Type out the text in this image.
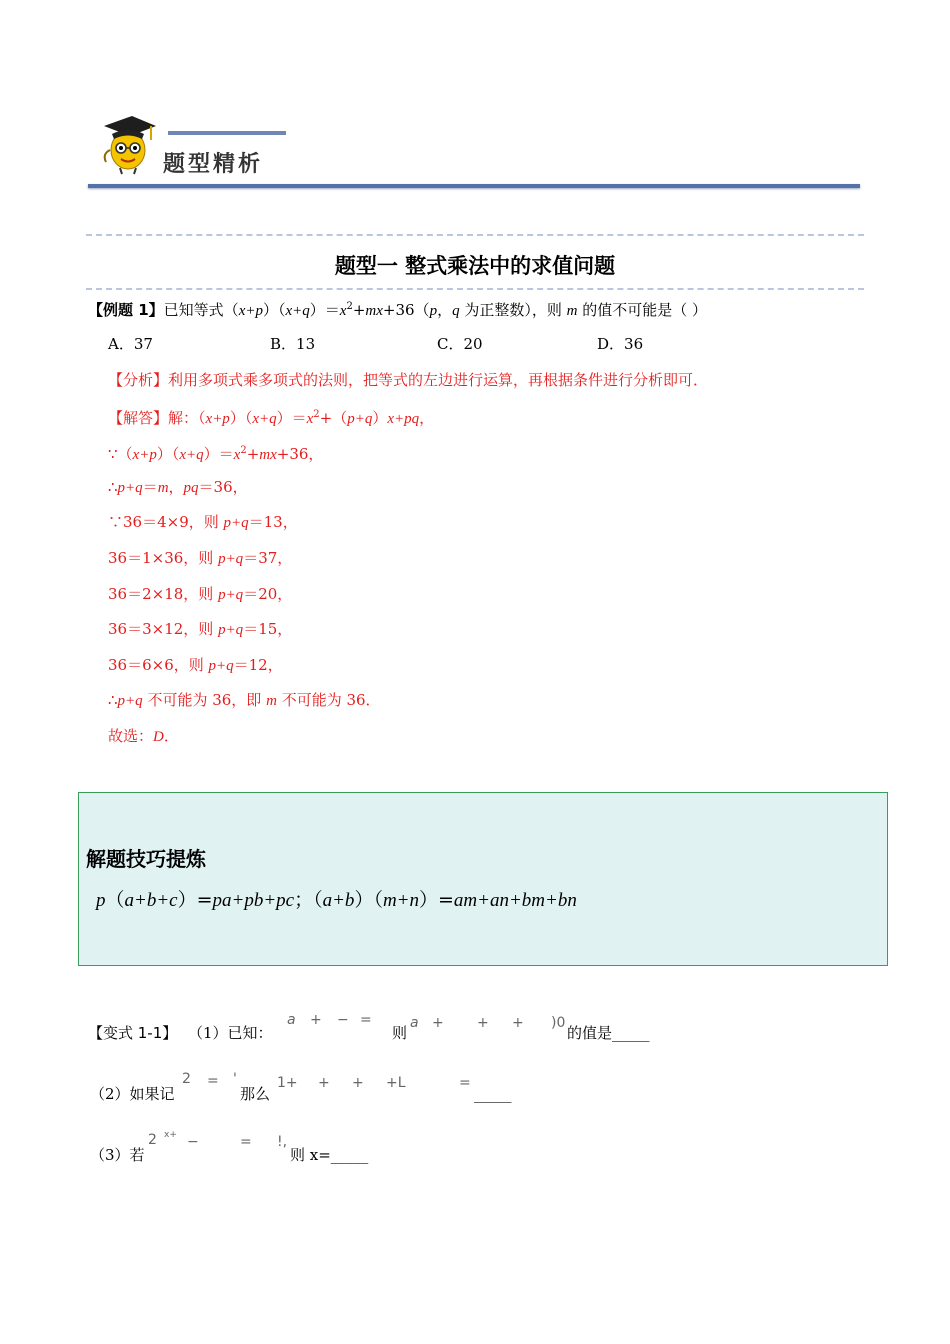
题型精析
题型一 整式乘法中的求值问题
【例题 1】已知等式$(x+p)(x+q)=x^2+mx+36(p$，q 为正整数），则 m 的值不可能是（ ）
A．37	B．13	C．20	D．36
【分析】利用多项式乘多项式的法则，把等式的左边进行运算，再根据条件进行分析即可．
【解答】解：$(x+p)(x+q)=x^2+(p+q)x+pq$，
$\because(x+p)(x+q)=x^2+mx+36$，
∴p+q＝m，pq＝36，
∵36＝4×9，则 p+q＝13，
36＝1×36，则 p+q＝37，
36＝2×18，则 p+q＝20，
36＝3×12，则 p+q＝15，
36＝6×6，则 p+q＝12，
∴p+q 不可能为 36，即 m 不可能为 36．
故选：D．
解题技巧提炼
p（a+b+c）=pa+pb+pc；（a+b）（m+n）=am+an+bm+bn
【变式 1-1】 （1）已知：
a + − =
则
a + + + )0
的值是_____
（2）如果记
2 = '
那么
1+ + + +L	=
_____
（3）若
2 x+ −	= !,
则 x=_____
